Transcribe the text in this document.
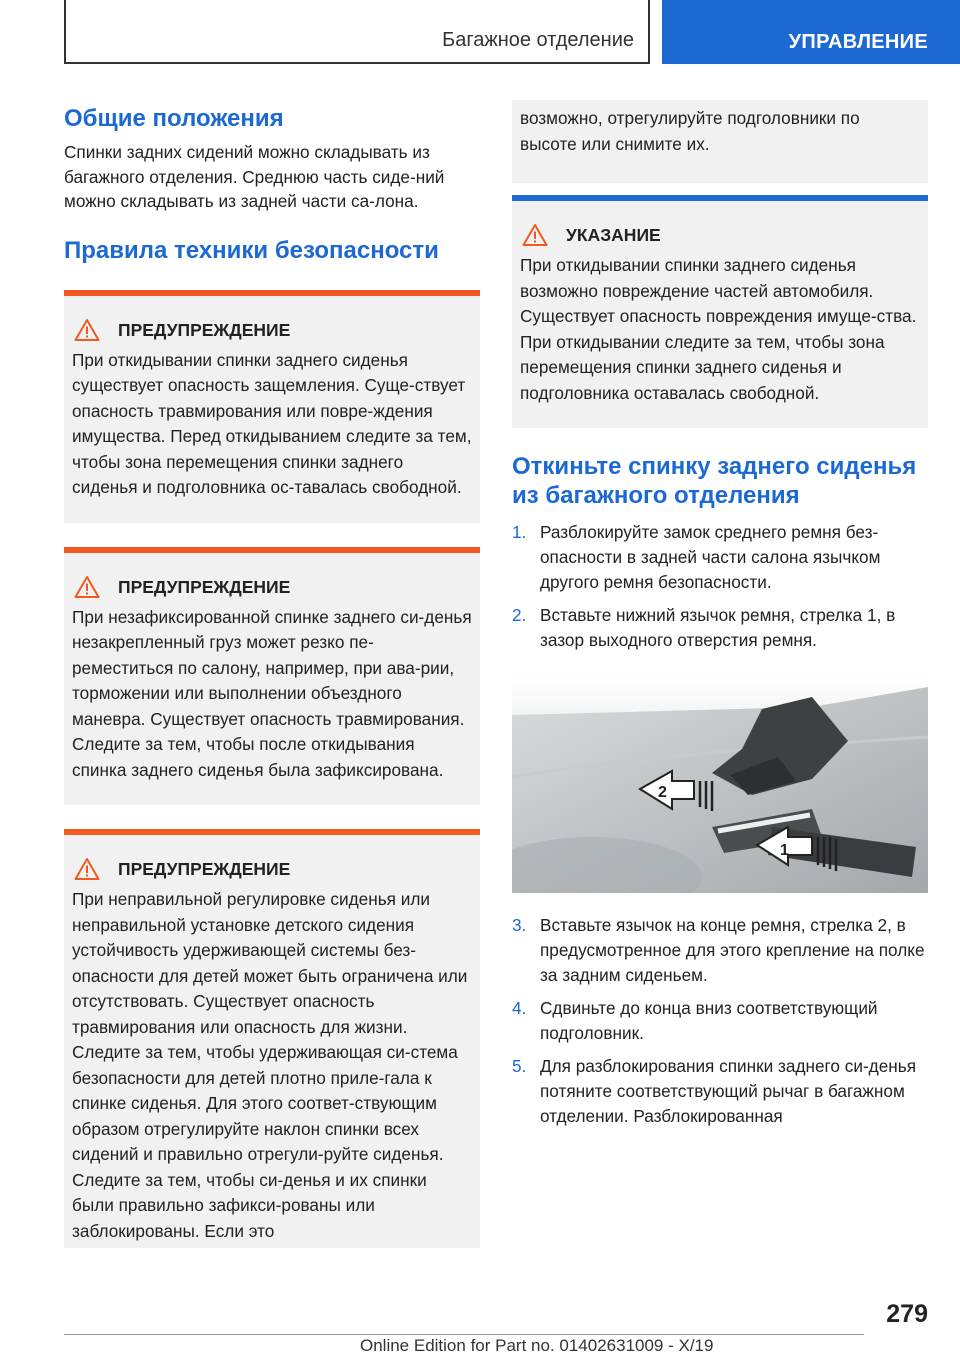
Багажное отделение	УПРАВЛЕНИЕ
Общие положения

Спинки задних сидений можно складывать из багажного отделения. Среднюю часть сиде-ний можно складывать из задней части са-лона.

Правила техники безопасности
ПРЕДУПРЕЖДЕНИЕ

При откидывании спинки заднего сиденья существует опасность защемления. Суще-ствует опасность травмирования или повре-ждения имущества. Перед откидыванием следите за тем, чтобы зона перемещения спинки заднего сиденья и подголовника ос-тавалась свободной.

ПРЕДУПРЕЖДЕНИЕ

При незафиксированной спинке заднего си-денья незакрепленный груз может резко пе-реместиться по салону, например, при ава-рии, торможении или выполнении объездного маневра. Существует опасность травмирования. Следите за тем, чтобы после откидывания спинка заднего сиденья была зафиксирована.

ПРЕДУПРЕЖДЕНИЕ

При неправильной регулировке сиденья или неправильной установке детского сидения устойчивость удерживающей системы без-опасности для детей может быть ограничена или отсутствовать. Существует опасность травмирования или опасность для жизни. Следите за тем, чтобы удерживающая си-стема безопасности для детей плотно приле-гала к спинке сиденья. Для этого соответ-ствующим образом отрегулируйте наклон спинки всех сидений и правильно отрегули-руйте сиденья. Следите за тем, чтобы си-денья и их спинки были правильно зафикси-рованы или заблокированы. Если это

возможно, отрегулируйте подголовники по высоте или снимите их.

УКАЗАНИЕ

При откидывании спинки заднего сиденья возможно повреждение частей автомобиля. Существует опасность повреждения имуще-ства. При откидывании следите за тем, чтобы зона перемещения спинки заднего сиденья и подголовника оставалась свободной.

Откиньте спинку заднего сиденья из багажного отделения
1. Разблокируйте замок среднего ремня без-опасности в задней части салона язычком другого ремня безопасности.
2. Вставьте нижний язычок ремня, стрелка 1, в зазор выходного отверстия ремня.
1
2
3. Вставьте язычок на конце ремня, стрелка 2, в предусмотренное для этого крепление на полке за задним сиденьем.
4. Сдвиньте до конца вниз соответствующий подголовник.
5. Для разблокирования спинки заднего си-денья потяните соответствующий рычаг в багажном отделении. Разблокированная
279
Online Edition for Part no. 01402631009 - X/19
